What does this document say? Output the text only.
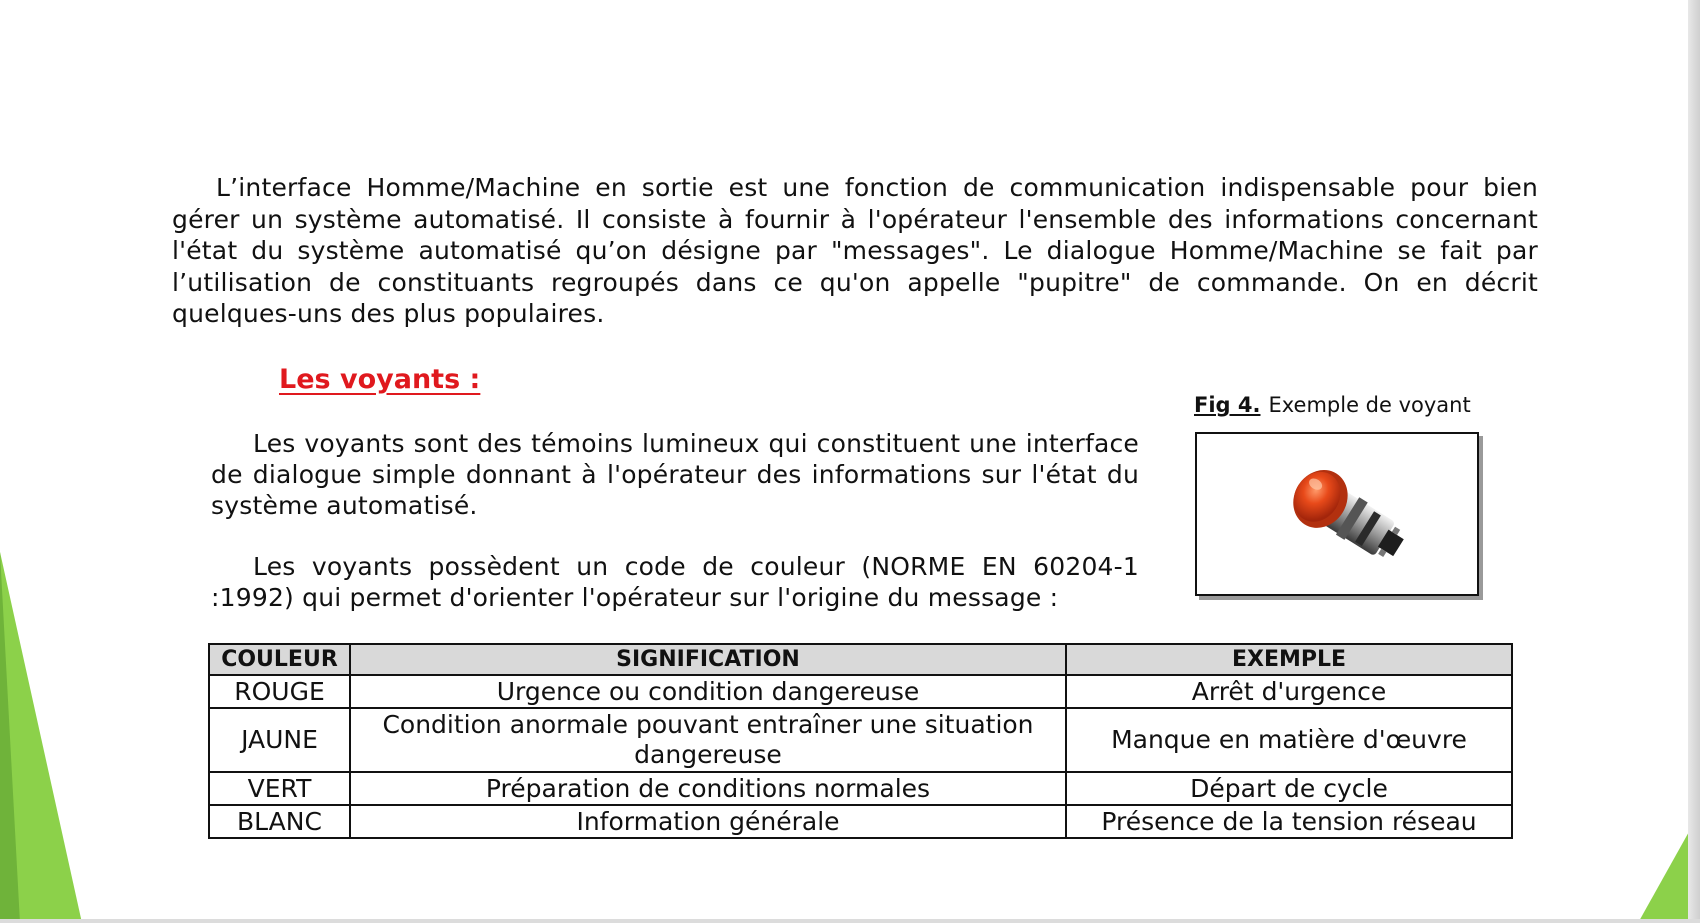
L’interface Homme/Machine en sortie est une fonction de communication indispensable pour bien gérer un système automatisé. Il consiste à fournir à l'opérateur l'ensemble des informations concernant l'état du système automatisé qu’on désigne par "messages". Le dialogue Homme/Machine se fait par l’utilisation de constituants regroupés dans ce qu'on appelle "pupitre" de commande. On en décrit quelques-uns des plus populaires.
Les voyants :
Les voyants sont des témoins lumineux qui constituent une interface de dialogue simple donnant à l'opérateur des informations sur l'état du système automatisé.
Les voyants possèdent un code de couleur (NORME EN 60204-1 :1992) qui permet d'orienter l'opérateur sur l'origine du message :
Fig 4. Exemple de voyant
COULEUR	SIGNIFICATION	EXEMPLE
ROUGE	Urgence ou condition dangereuse	Arrêt d'urgence
JAUNE	Condition anormale pouvant entraîner une situation dangereuse	Manque en matière d'œuvre
VERT	Préparation de conditions normales	Départ de cycle
BLANC	Information générale	Présence de la tension réseau
